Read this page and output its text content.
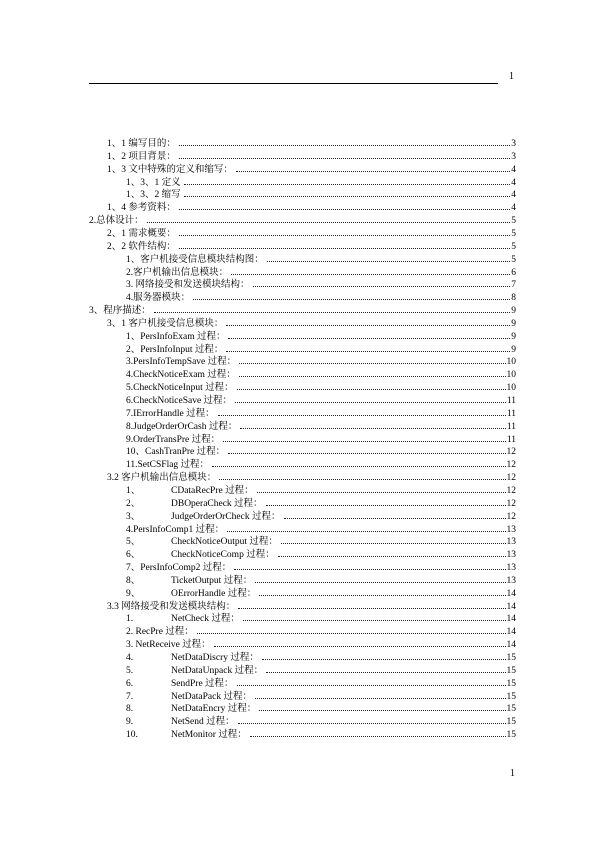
1
1、1 编写目的：	3
1、2 项目背景：	3
1、3 文中特殊的定义和缩写：	4
1、3、1 定义	4
1、3、2 缩写	4
1、4 参考资料：	4
2.总体设计：	5
2、1 需求概要：	5
2、2 软件结构：	5
1、客户机接受信息模块结构图：	5
2.客户机输出信息模块：	6
3. 网络接受和发送模块结构：	7
4.服务器模块：	8
3、程序描述：	9
3、1 客户机接受信息模块：	9
1、PersInfoExam 过程：	9
2、PersInfoInput 过程：	9
3.PersInfoTempSave 过程：	10
4.CheckNoticeExam 过程：	10
5.CheckNoticeInput 过程：	10
6.CheckNoticeSave 过程：	11
7.IErrorHandle 过程：	11
8.JudgeOrderOrCash 过程：	11
9.OrderTransPre 过程：	11
10、CashTranPre 过程：	12
11.SetCSFlag 过程：	12
3.2 客户机输出信息模块：	12
1、	CDataRecPre 过程：	12
2、	DBOperaCheck 过程：	12
3、	JudgeOrderOrCheck 过程：	12
4.PersInfoComp1 过程：	13
5、	CheckNoticeOutput 过程：	13
6、	CheckNoticeComp 过程：	13
7、PersInfoComp2 过程：	13
8、	TicketOutput 过程：	13
9、	OErrorHandle 过程：	14
3.3 网络接受和发送模块结构：	14
1.	NetCheck 过程：	14
2. RecPre 过程：	14
3. NetReceive 过程：	14
4.	NetDataDiscry 过程：	15
5.	NetDataUnpack 过程：	15
6.	SendPre 过程：	15
7.	NetDataPack 过程：	15
8.	NetDataEncry 过程：	15
9.	NetSend 过程：	15
10.	NetMonitor 过程：	15
1
